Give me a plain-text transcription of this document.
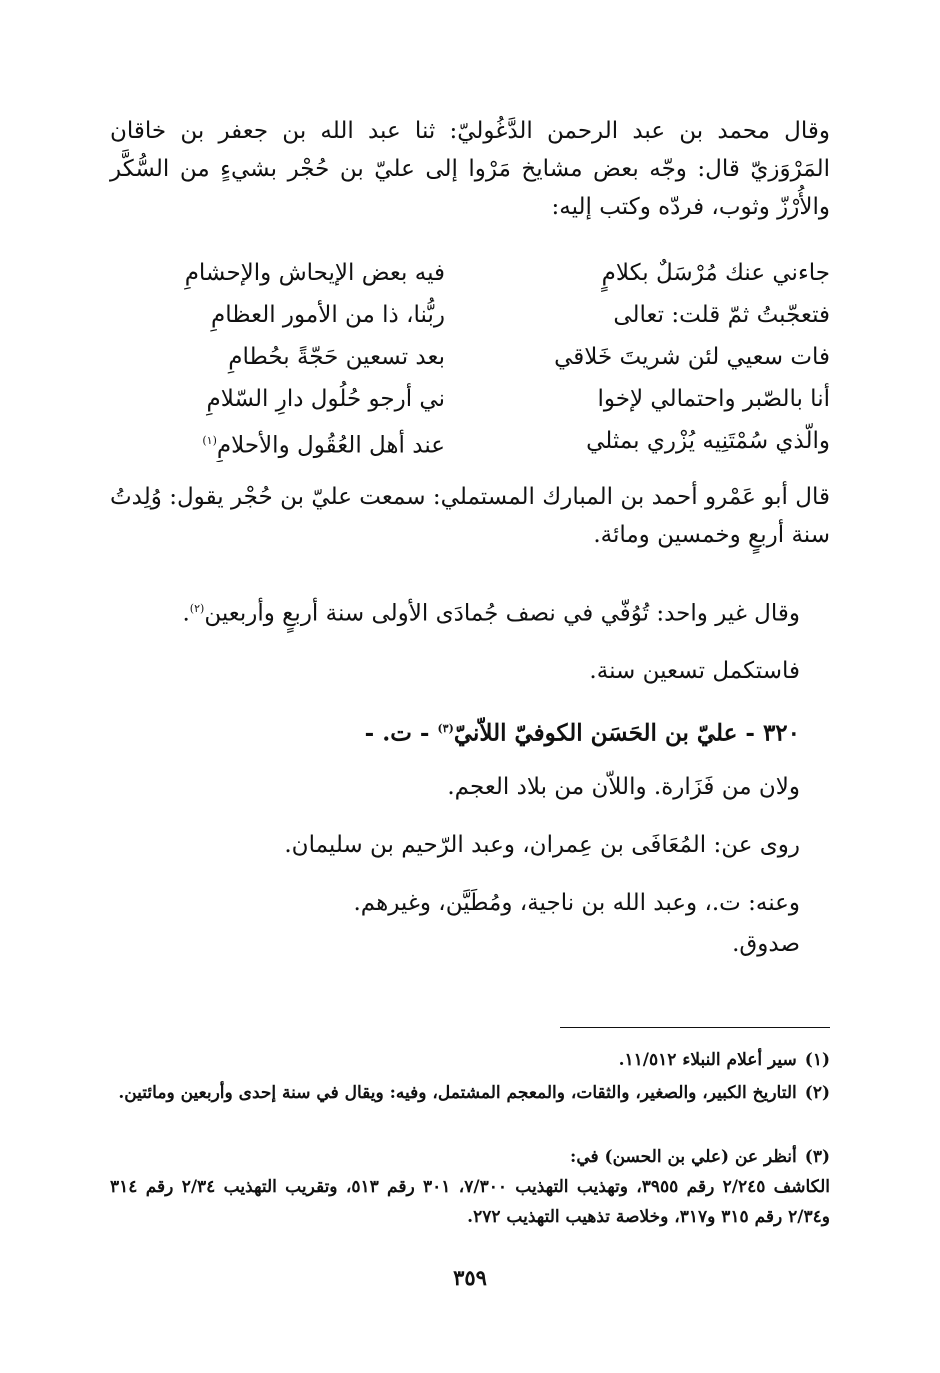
وقال محمد بن عبد الرحمن الدَّغُوليّ: ثنا عبد الله بن جعفر بن خاقان المَرْوَزيّ قال: وجّه بعض مشايخ مَرْوا إلى عليّ بن حُجْر بشيءٍ من السُّكَّر والأُرْزّ وثوب، فردّه وكتب إليه:

جاءني عنك مُرْسَلٌ بكلامٍ
فيه بعض الإيحاش والإحشامِ
فتعجّبتُ ثمّ قلت: تعالى
ربُّنا، ذا من الأمور العظامِ
فات سعيي لئن شريتَ خَلاقي
بعد تسعين حَجّةً بحُطامِ
أنا بالصّبر واحتمالي لإخوا
ني أرجو حُلُول دارِ السّلامِ
والّذي سُمْتَنِيه يُزْري بمثلي
عند أهل العُقُول والأحلامِ$^{(١)}$

قال أبو عَمْرو أحمد بن المبارك المستملي: سمعت عليّ بن حُجْر يقول: وُلِدتُ سنة أربعٍ وخمسين ومائة.

وقال غير واحد: تُوُفّي في نصف جُمادَى الأولى سنة أربعٍ وأربعين$^{(٢)}$.
فاستكمل تسعين سنة.
٣٢٠ - عليّ بن الحَسَن الكوفيّ اللاّنيّ$^{(٣)}$ - ت. -
ولان من فَزَارة. واللاّن من بلاد العجم.
روى عن: المُعَافَى بن عِمران، وعبد الرّحيم بن سليمان.
وعنه: ت.، وعبد الله بن ناجية، ومُطَيَّن، وغيرهم.
صدوق.
(١)سير أعلام النبلاء ١١/٥١٢.
(٢)التاريخ الكبير، والصغير، والثقات، والمعجم المشتمل، وفيه: ويقال في سنة إحدى وأربعين ومائتين.
(٣)أنظر عن (علي بن الحسن) في:
الكاشف ٢/٢٤٥ رقم ٣٩٥٥، وتهذيب التهذيب ٧/٣٠٠، ٣٠١ رقم ٥١٣، وتقريب التهذيب ٢/٣٤ رقم ٣١٤ و٢/٣٤ رقم ٣١٥ و٣١٧، وخلاصة تذهيب التهذيب ٢٧٢.
٣٥٩
